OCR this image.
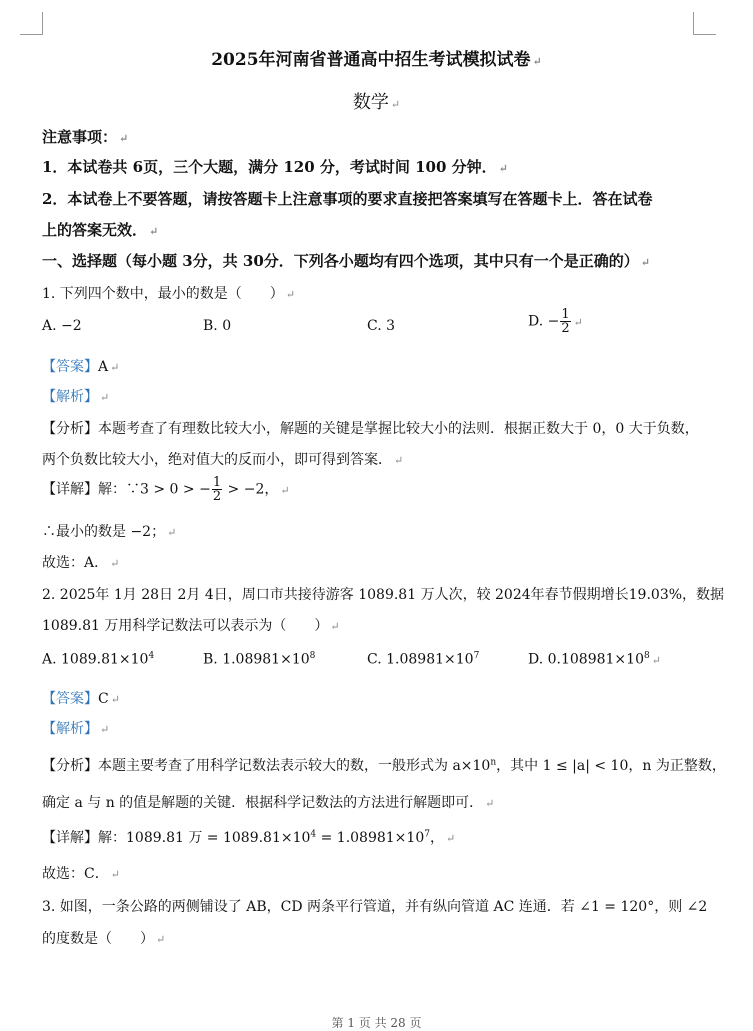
2025年河南省普通高中招生考试模拟试卷 ↵
数学 ↵
注意事项： ↵
1．本试卷共 6页，三个大题，满分 120 分，考试时间 100 分钟． ↵
2．本试卷上不要答题，请按答题卡上注意事项的要求直接把答案填写在答题卡上．答在试卷
上的答案无效． ↵
一、选择题（每小题 3分，共 30分．下列各小题均有四个选项，其中只有一个是正确的） ↵
1. 下列四个数中，最小的数是（　　） ↵
A. −2	B. 0	C. 3	D. − $\frac{1}{2}$ ↵
【答案】A ↵
【解析】 ↵
【分析】本题考查了有理数比较大小，解题的关键是掌握比较大小的法则．根据正数大于 0，0 大于负数，
两个负数比较大小，绝对值大的反而小，即可得到答案． ↵
【详解】解：∵3 > 0 > − $\frac{1}{2} > -2$， ↵
∴最小的数是 −2； ↵
故选：A． ↵
2. 2025年 1月 28日 2月 4日，周口市共接待游客 1089.81 万人次，较 2024年春节假期增长19.03%，数据
1089.81 万用科学记数法可以表示为（　　） ↵
A. $1089.81\times 10^4$	B. $1.08981\times 10^8$	C. $1.08981\times 10^7$	D. $0.108981\times 10^8$ ↵
【答案】C ↵
【解析】 ↵
【分析】本题主要考查了用科学记数法表示较大的数，一般形式为 $a\times 10^n$，其中 1 ≤ |a| < 10，n 为正整数，
确定 a 与 n 的值是解题的关键．根据科学记数法的方法进行解题即可． ↵
【详解】解：1089.81 万 = $1089.81\times 10^4 = 1.08981\times 10^7$， ↵
故选：C． ↵
3. 如图，一条公路的两侧铺设了 AB，CD 两条平行管道，并有纵向管道 AC 连通．若 ∠1 = 120°，则 ∠2
的度数是（　　） ↵
第 1 页 共 28 页
